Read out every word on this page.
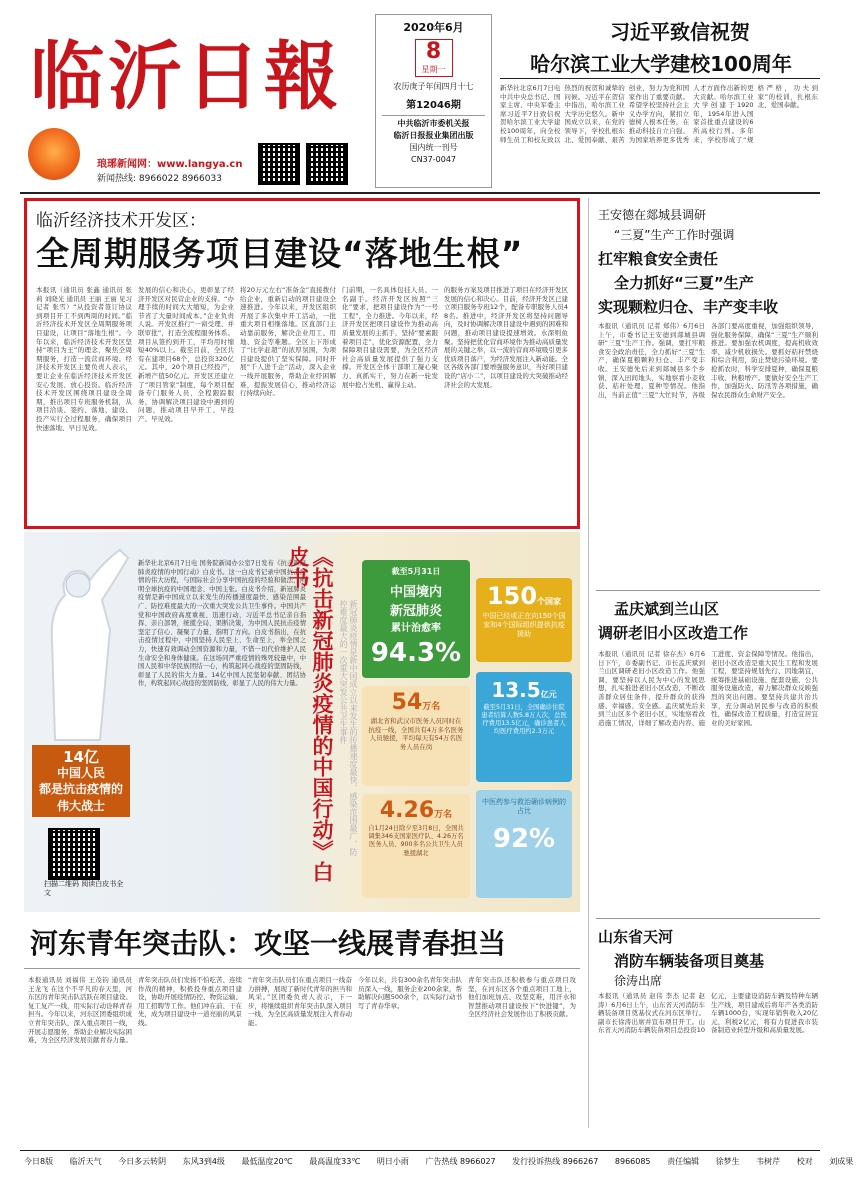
临沂日報
琅琊新闻网：www.langya.cn
新闻热线: 8966022 8966033
2020年6月
8
星期一
农历庚子年闰四月十七
第12046期
中共临沂市委机关报
临沂日报报业集团出版
国内统一刊号
CN37-0047
习近平致信祝贺
哈尔滨工业大学建校100周年
新华社北京6月7日电 中共中央总书记、国家主席、中央军委主席习近平7日致信祝贺哈尔滨工业大学建校100周年，向全校师生员工和校友致以热烈的祝贺和诚挚的问候。习近平在贺信中指出，哈尔滨工业大学历史悠久。新中国成立以来，在党的领导下，学校扎根东北、爱国奉献、艰苦创业，努力为党和国家作出了重要贡献。希望学校坚持社会主义办学方向，紧扣立德树人根本任务，在推动科技自立自强、为国家培养更多优秀人才方面作出新的更大贡献。哈尔滨工业大学创建于1920年，1954年进入国家首批重点建设的6所高校行列。多年来，学校形成了“规格严格，功夫到家”的校训，扎根东北、爱国奉献。
临沂经济技术开发区：
全周期服务项目建设“落地生根”
本报讯（通讯员 张鑫 通讯员 张莉 刘晓光 通讯员 王丽 王丽 见习记者 张雪）“从投资者签订协议到项目开工不到两周的时间。”临沂经济技术开发区全周期服务项目建设，让项目“落地生根”。今年以来，临沂经济技术开发区坚持“项目为王”的理念，聚焦全周期服务，打造一流营商环境。经济技术开发区主要负责人表示，要让企业在临沂经济技术开发区安心发展、放心投资。临沂经济技术开发区围绕项目建设全周期，推出项目专班服务机制，从项目洽谈、签约、落地、建设、投产实行全过程服务，确保项目快速落地、早日见效。
发展的信心和决心，更彰显了经济开发区对民营企业的支持。“办理手续的时间大大缩短，为企业节省了大量时间成本。”企业负责人说。开发区推行“一窗受理、并联审批”，打造全流程服务体系。项目从签约到开工，平均用时缩短40%以上。截至目前，全区共有在建项目68个，总投资320亿元。其中，20个项目已经投产，新增产值50亿元。开发区还建立了“项目管家”制度，每个项目配备专门服务人员，全程跟踪服务，协调解决项目建设中遇到的问题，推动项目早开工、早投产、早见效。
将20万元左右“准备金”直接拨付给企业，重新启动的项目建设全速推进。今年以来，开发区组织开展了多次集中开工活动，一批重大项目相继落地。区直部门主动靠前服务，解决企业用工、用地、资金等难题。全区上下形成了“比学赶超”的浓厚氛围，为项目建设提供了坚实保障。同时开展“千人进千企”活动，深入企业一线开展服务，帮助企业纾困解难，提振发展信心，推动经济运行持续向好。
门前期，一名具体包挂人员、一名副手。经济开发区按照“三化”要求，把项目建设作为“一号工程”，全力推进。今年以来，经济开发区把项目建设作为推动高质量发展的主抓手，坚持“要素跟着项目走”，优化资源配置，全力保障项目建设需要，为全区经济社会高质量发展提供了强力支撑。开发区全体干部职工凝心聚力、真抓实干，努力在新一轮发展中抢占先机、赢得主动。
的服务方案及项目推进了项目在经济开发区发展的信心和决心。目前，经济开发区已建立项目服务专班12个，配备专职服务人员48名。推进中，经济开发区将坚持问题导向，及时协调解决项目建设中遇到的困难和问题，推动项目建设提速增效。水深则鱼聚。坚持把优化营商环境作为推动高质量发展的关键之举，以一流的营商环境吸引更多优质项目落户，为经济发展注入新动能。全区各级各部门要增强服务意识，当好项目建设的“店小二”，以项目建设的大突破推动经济社会的大发展。
王安德在郯城县调研
“三夏”生产工作时强调
扛牢粮食安全责任
全力抓好“三夏”生产
实现颗粒归仓、丰产变丰收
本报讯（通讯员 记者 郑伟）6月6日上午，市委书记王安德到郯城县调研“三夏”生产工作。强调，要扛牢粮食安全政治责任，全力抓好“三夏”生产，确保夏粮颗粒归仓、丰产变丰收。王安德先后来到郯城县多个乡镇，深入田间地头，实地察看小麦收获、秸秆处理、夏种等情况。他指出，当前正值“三夏”大忙时节，各级各部门要高度重视，加强组织领导，强化服务保障，确保“三夏”生产顺利推进。要加强农机调度，提高机收效率，减少机收损失。要抓好秸秆禁烧和综合利用，防止焚烧污染环境。要抢抓农时，科学安排夏种，确保夏粮丰收、秋粮增产。要做好安全生产工作，加强防火、防汛等各项措施，确保农民群众生命财产安全。
孟庆斌到兰山区
调研老旧小区改造工作
本报讯（通讯员 记者 徐存杰）6月6日下午，市委副书记、市长孟庆斌到兰山区调研老旧小区改造工作。他强调，要坚持以人民为中心的发展思想，扎实推进老旧小区改造，不断改善群众居住条件，提升群众的获得感、幸福感、安全感。孟庆斌先后来到兰山区多个老旧小区，实地察看改造施工情况，详细了解改造内容、施工进度、资金保障等情况。他指出，老旧小区改造是重大民生工程和发展工程，要坚持规划先行、因地制宜，统筹推进基础设施、配套设施、公共服务设施改造，着力解决群众反映强烈的突出问题。要坚持共建共治共享，充分调动居民参与改造的积极性，确保改造工程质量，打造宜居宜业的美好家园。
山东省天河
消防车辆装备项目奠基
徐涛出席
本报讯（通讯员 赵伟 李杰 记者 赵涛）6月6日上午，山东省天河消防车辆装备项目奠基仪式在河东区举行。副市长徐涛出席并宣布项目开工。山东省天河消防车辆装备项目总投资10亿元，主要建设消防车辆及特种车辆生产线，项目建成后将年产各类消防车辆1000台，实现年销售收入20亿元，利税2亿元，将有力促进我市装备制造业转型升级和高质量发展。
新华社北京6月7日电 国务院新闻办公室7日发布《抗击新冠肺炎疫情的中国行动》白皮书。这一白皮书记录中国抗击疫情的伟大历程，与国际社会分享中国抗疫的经验和做法，阐明全球抗疫的中国理念、中国主张。白皮书介绍，新冠肺炎疫情是新中国成立以来发生的传播速度最快、感染范围最广、防控难度最大的一次重大突发公共卫生事件。中国共产党和中国政府高度重视、迅速行动，习近平总书记亲自指挥、亲自部署，统揽全局、果断决策，为中国人民抗击疫情坚定了信心、凝聚了力量、指明了方向。白皮书指出，在抗击疫情过程中，中国坚持人民至上、生命至上，举全国之力，快速有效调动全国资源和力量，不惜一切代价维护人民生命安全和身体健康。在这场同严重疫情的殊死较量中，中国人民和中华民族团结一心，构筑起同心战疫的坚固防线，彰显了人民的伟大力量。14亿中国人民坚韧奉献、团结协作，构筑起同心战疫的坚固防线，彰显了人民的伟大力量。
14亿
中国人民
都是抗击疫情的
伟大战士
扫描二维码 阅读白皮书全文
《抗击新冠肺炎疫情的中国行动》白皮书
新冠肺炎疫情是新中国成立以来发生的传播速度最快、感染范围最广、防控难度最大的一次重大突发公共卫生事件
截至5月31日
中国境内
新冠肺炎
累计治愈率
94.3%
150个国家
中国已经或正在向150个国家和4个国际组织提供抗疫援助
54万名
湖北省和武汉市医务人员同时在抗疫一线，全国共有4万多名医务人员驰援，平均每天有54万名医务人员在岗
13.5亿元
截至5月31日，全国确诊住院患者结算人数5.8万人次，总医疗费用13.5亿元，确诊患者人均医疗费用约2.3万元
4.26万名
自1月24日除夕至3月8日，全国共调集346支国家医疗队、4.26万名医务人员、900多名公共卫生人员驰援湖北
中医药参与救治确诊病例的占比
92%
河东青年突击队：攻坚一线展青春担当
本报通讯员 刘福伟 王茂钧 通讯员 王龙飞 在这个不平凡的春天里，河东区的青年突击队活跃在项目建设、复工复产一线，用实际行动诠释青春担当。今年以来，河东区团委组织成立青年突击队，深入重点项目一线，开展志愿服务，帮助企业解决实际困难，为全区经济发展贡献青春力量。
青年突击队员们发扬不怕吃苦、连续作战的精神，积极投身重点项目建设，协助开展疫情防控、物资运输、用工招聘等工作。他们冲在前、干在先，成为项目建设中一道亮丽的风景线。
“青年突击队员们在重点项目一线奋力拼搏，展现了新时代青年的担当和风采。”区团委负责人表示，下一步，将继续组织青年突击队深入项目一线，为全区高质量发展注入青春动能。
今年以来，共有300余名青年突击队员深入一线，服务企业200余家，帮助解决问题500余个，以实际行动书写了青春华章。
青年突击队还积极参与重点项目攻坚，在河东区各个重点项目工地上，他们加班加点、攻坚克难，用汗水和智慧推动项目建设按下“快进键”，为全区经济社会发展作出了积极贡献。
今日8版 临沂天气 今日多云转阴 东风3到4级 最低温度20℃ 最高温度33℃ 明日小雨 广告热线 8966027 发行投诉热线 8966267 8966085 责任编辑 徐梦生 韦树芹 校对 刘成果
